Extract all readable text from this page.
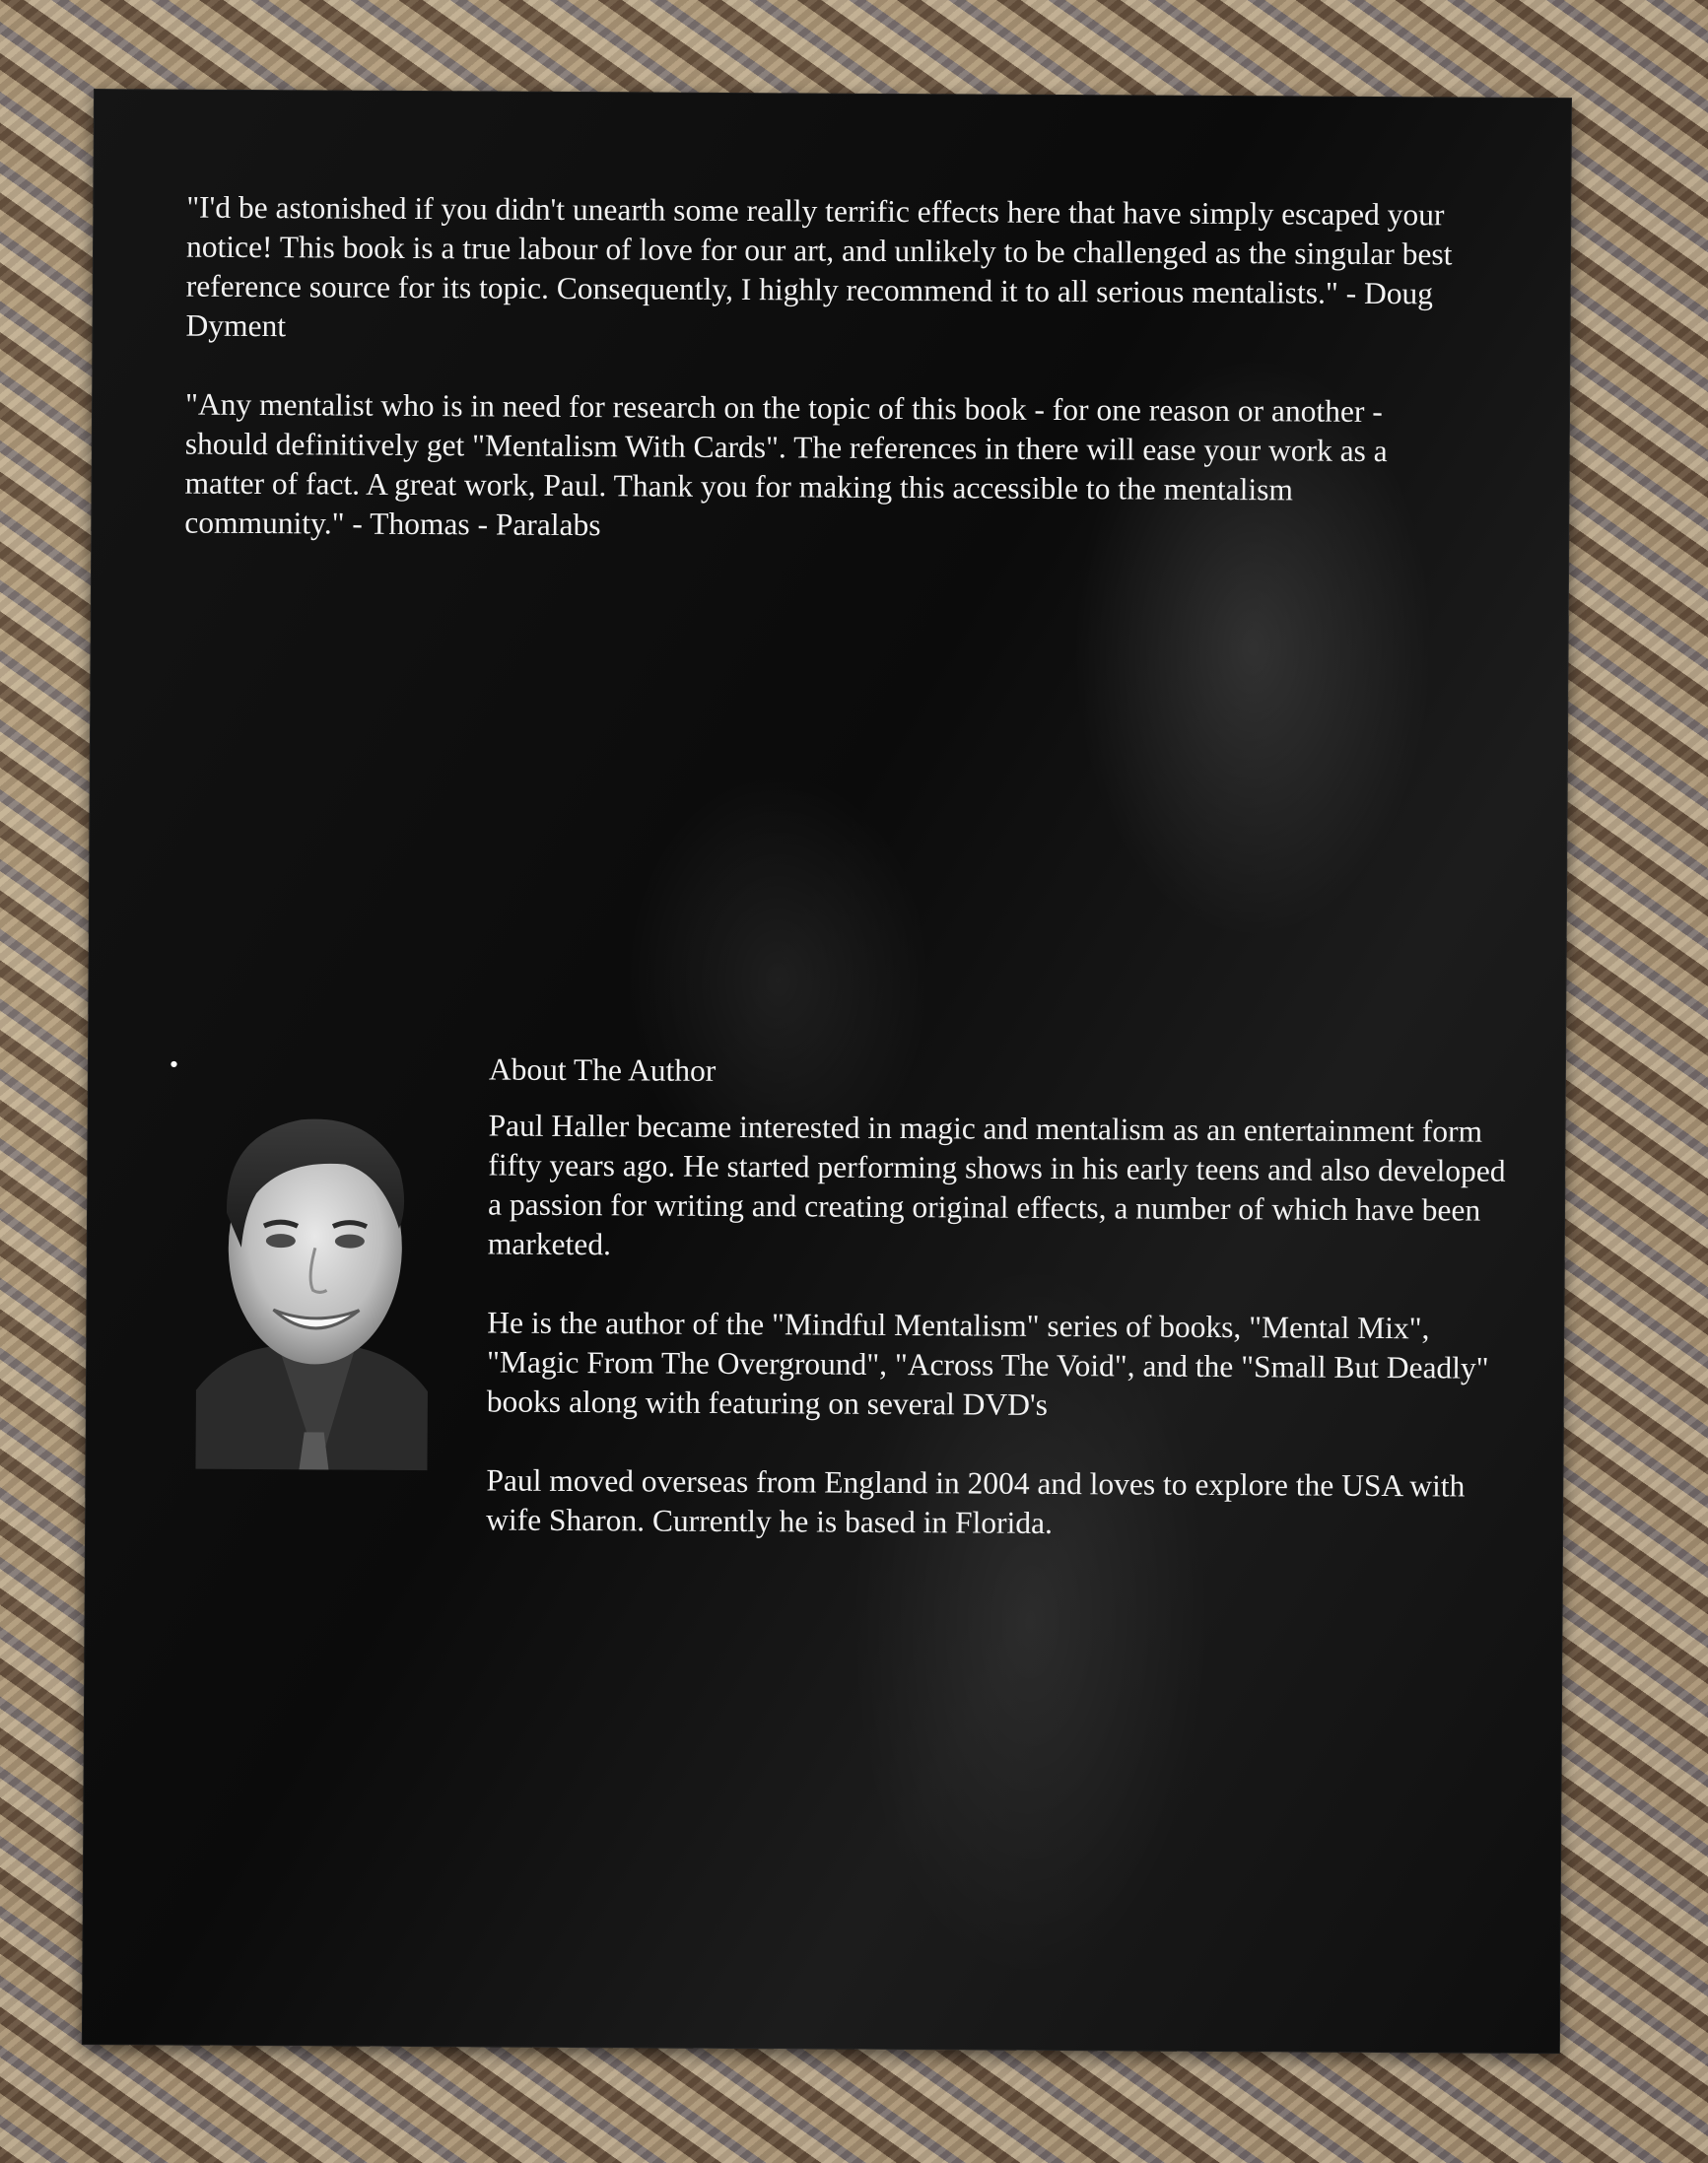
"I'd be astonished if you didn't unearth some really terrific effects here that have simply escaped your notice! This book is a true labour of love for our art, and unlikely to be challenged as the singular best reference source for its topic. Consequently, I highly recommend it to all serious mentalists." - Doug Dyment

"Any mentalist who is in need for research on the topic of this book - for one reason or another - should definitively get "Mentalism With Cards". The references in there will ease your work as a matter of fact. A great work, Paul. Thank you for making this accessible to the mentalism community." - Thomas - Paralabs

•	About The Author

Paul Haller became interested in magic and mentalism as an entertainment form fifty years ago. He started performing shows in his early teens and also developed a passion for writing and creating original effects, a number of which have been marketed.

He is the author of the "Mindful Mentalism" series of books, "Mental Mix", "Magic From The Overground", "Across The Void", and the "Small But Deadly" books along with featuring on several DVD's

Paul moved overseas from England in 2004 and loves to explore the USA with wife Sharon. Currently he is based in Florida.
